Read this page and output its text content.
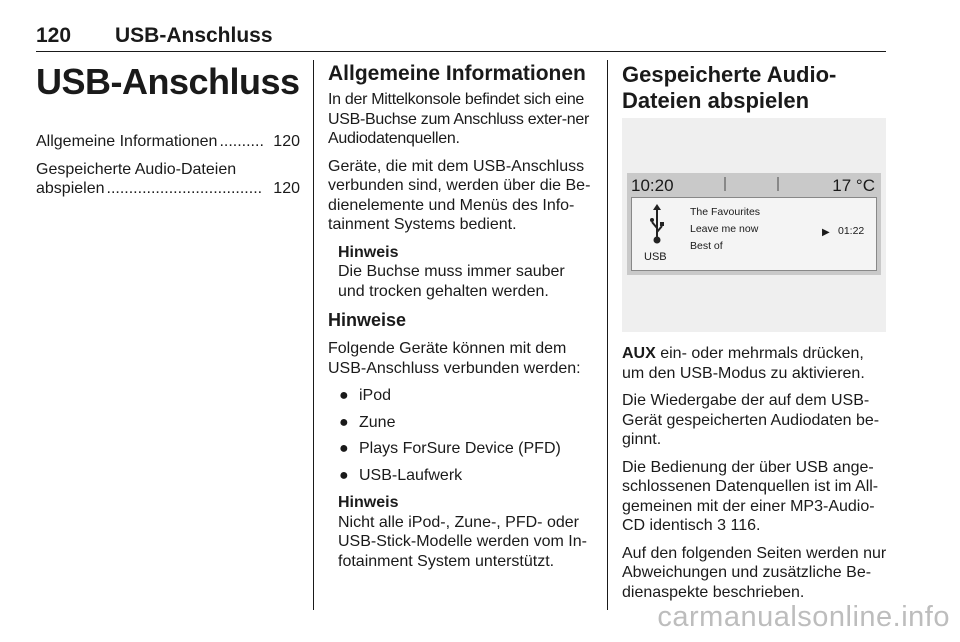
120 USB-Anschluss
USB-Anschluss
Allgemeine Informationen .......... 120
Gespeicherte Audio-Dateien
abspielen ................................... 120
Allgemeine Informationen

In der Mittelkonsole befindet sich eine USB-Buchse zum Anschluss exter-ner Audiodatenquellen.

Geräte, die mit dem USB-Anschluss verbunden sind, werden über die Be-dienelemente und Menüs des Info-tainment Systems bedient.

Hinweis
Die Buchse muss immer sauber und trocken gehalten werden.
Hinweise

Folgende Geräte können mit dem USB-Anschluss verbunden werden:

● iPod
● Zune
● Plays ForSure Device (PFD)
● USB-Laufwerk
Hinweis
Nicht alle iPod-, Zune-, PFD- oder USB-Stick-Modelle werden vom In-fotainment System unterstützt.
Gespeicherte Audio-
Dateien abspielen
10:20	17 °C
USB
The Favourites
Leave me now
Best of
▶ 01:22

AUX ein- oder mehrmals drücken, um den USB-Modus zu aktivieren.

Die Wiedergabe der auf dem USB-Gerät gespeicherten Audiodaten be-ginnt.

Die Bedienung der über USB ange-schlossenen Datenquellen ist im All-gemeinen mit der einer MP3-Audio-CD identisch 3 116.

Auf den folgenden Seiten werden nur Abweichungen und zusätzliche Be-dienaspekte beschrieben.

carmanualsonline.info
